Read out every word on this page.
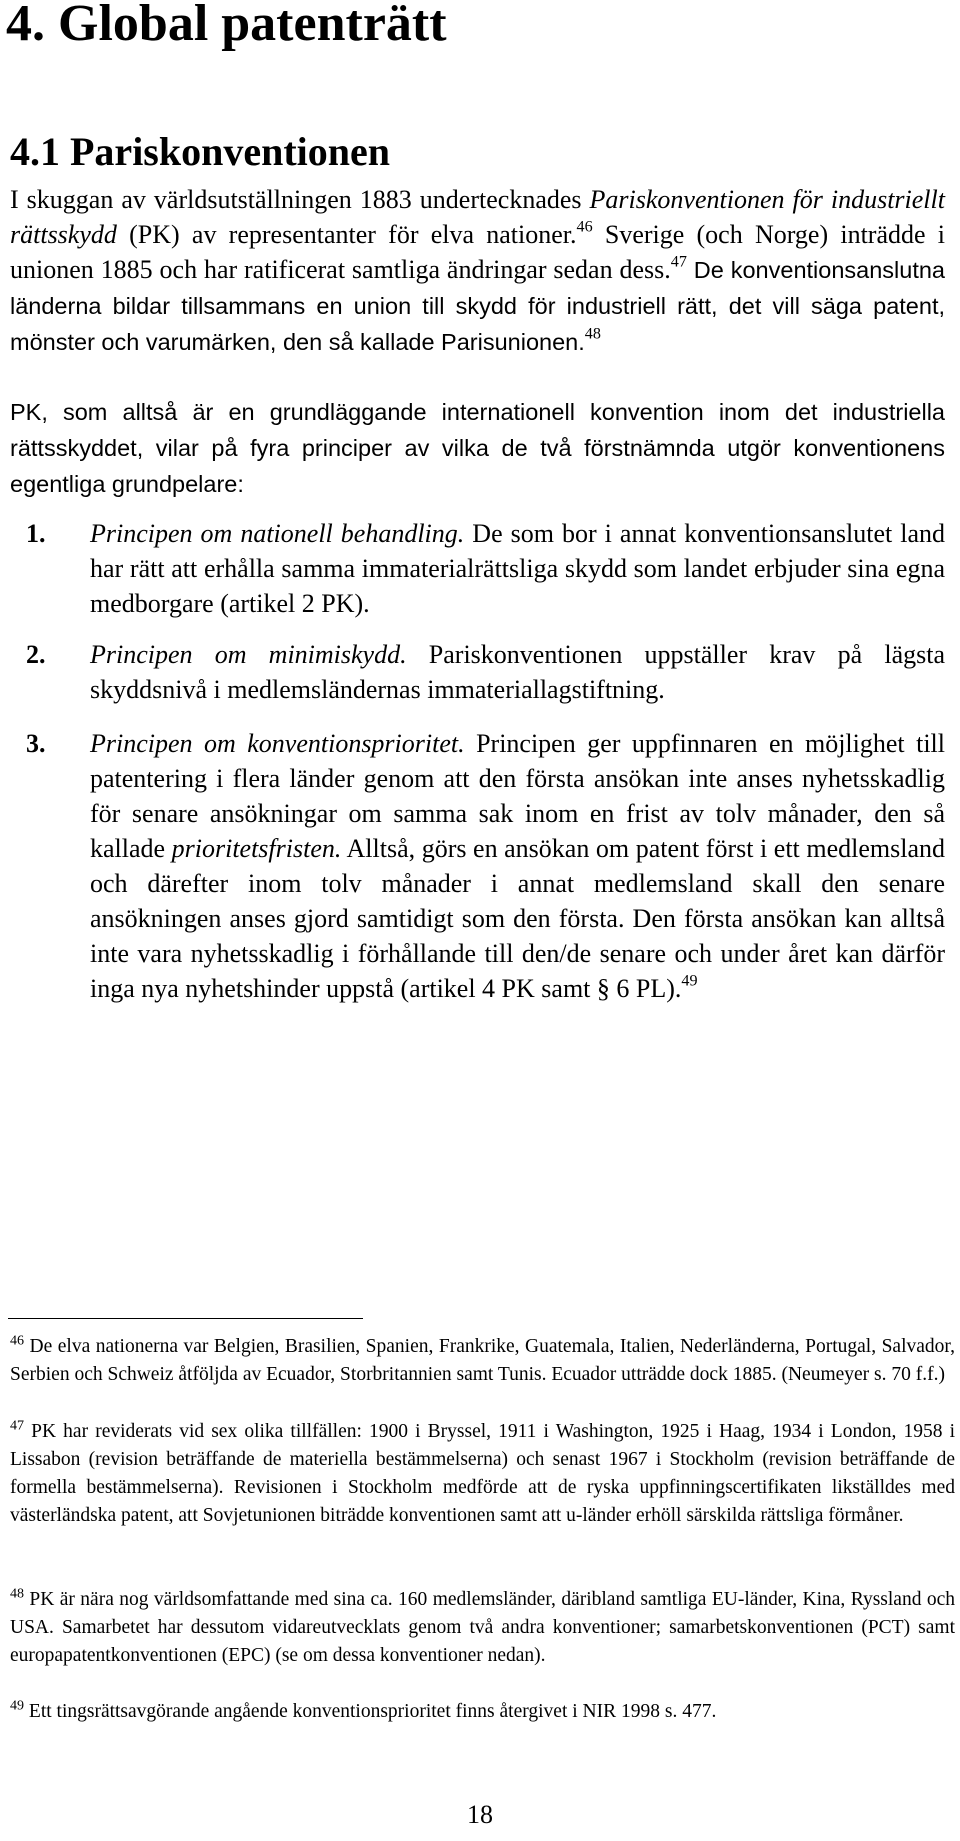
4. Global patenträtt
4.1 Pariskonventionen
I skuggan av världsutställningen 1883 undertecknades Pariskonventionen för industriellt rättsskydd (PK) av representanter för elva nationer.$^{46}$ Sverige (och Norge) inträdde i unionen 1885 och har ratificerat samtliga ändringar sedan dess.$^{47}$ De konventionsanslutna länderna bildar tillsammans en union till skydd för industriell rätt, det vill säga patent, mönster och varumärken, den så kallade Parisunionen.$^{48}$
PK, som alltså är en grundläggande internationell konvention inom det industriella rättsskyddet, vilar på fyra principer av vilka de två förstnämnda utgör konventionens egentliga grundpelare:
1. Principen om nationell behandling. De som bor i annat konventionsanslutet land har rätt att erhålla samma immaterialrättsliga skydd som landet erbjuder sina egna medborgare (artikel 2 PK).
2. Principen om minimiskydd. Pariskonventionen uppställer krav på lägsta skyddsnivå i medlemsländernas immateriallagstiftning.
3. Principen om konventionsprioritet. Principen ger uppfinnaren en möjlighet till patentering i flera länder genom att den första ansökan inte anses nyhetsskadlig för senare ansökningar om samma sak inom en frist av tolv månader, den så kallade prioritetsfristen. Alltså, görs en ansökan om patent först i ett medlemsland och därefter inom tolv månader i annat medlemsland skall den senare ansökningen anses gjord samtidigt som den första. Den första ansökan kan alltså inte vara nyhetsskadlig i förhållande till den/de senare och under året kan därför inga nya nyhetshinder uppstå (artikel 4 PK samt § 6 PL).$^{49}$
$^{46}$ De elva nationerna var Belgien, Brasilien, Spanien, Frankrike, Guatemala, Italien, Nederländerna, Portugal, Salvador, Serbien och Schweiz åtföljda av Ecuador, Storbritannien samt Tunis. Ecuador utträdde dock 1885. (Neumeyer s. 70 f.f.)
$^{47}$ PK har reviderats vid sex olika tillfällen: 1900 i Bryssel, 1911 i Washington, 1925 i Haag, 1934 i London, 1958 i Lissabon (revision beträffande de materiella bestämmelserna) och senast 1967 i Stockholm (revision beträffande de formella bestämmelserna). Revisionen i Stockholm medförde att de ryska uppfinningscertifikaten likställdes med västerländska patent, att Sovjetunionen biträdde konventionen samt att u-länder erhöll särskilda rättsliga förmåner.
$^{48}$ PK är nära nog världsomfattande med sina ca. 160 medlemsländer, däribland samtliga EU-länder, Kina, Ryssland och USA. Samarbetet har dessutom vidareutvecklats genom två andra konventioner; samarbetskonventionen (PCT) samt europapatentkonventionen (EPC) (se om dessa konventioner nedan).
$^{49}$ Ett tingsrättsavgörande angående konventionsprioritet finns återgivet i NIR 1998 s. 477.
18
